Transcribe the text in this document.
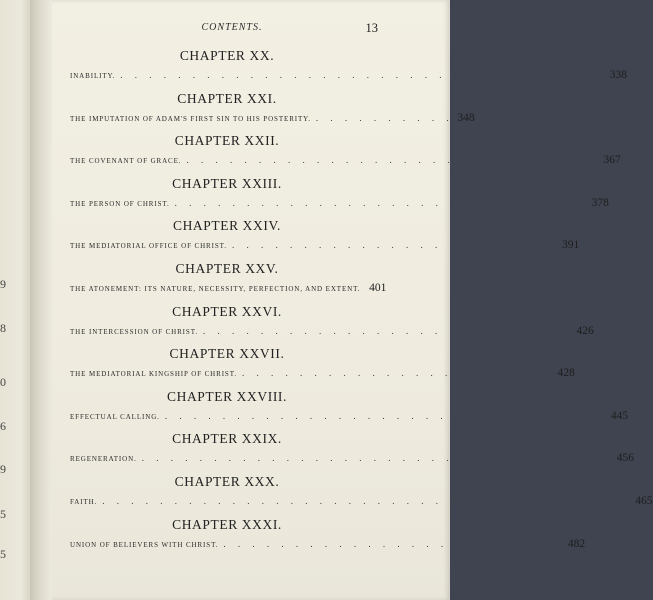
9
8
0
6
9
5
5
CONTENTS.	13
CHAPTER XX.
INABILITY. . . . . . . . . . . . . . . . . . . . . . . . . . . . . . . . . . . 338
CHAPTER XXI.
THE IMPUTATION OF ADAM'S FIRST SIN TO HIS POSTERITY. . . . . . . . . . . 348
CHAPTER XXII.
THE COVENANT OF GRACE. . . . . . . . . . . . . . . . . . . . . . . . . . . . . . 367
CHAPTER XXIII.
THE PERSON OF CHRIST. . . . . . . . . . . . . . . . . . . . . . . . . . . . . . 378
CHAPTER XXIV.
THE MEDIATORIAL OFFICE OF CHRIST. . . . . . . . . . . . . . . . . . . . . . . . 391
CHAPTER XXV.
THE ATONEMENT: ITS NATURE, NECESSITY, PERFECTION, AND EXTENT. 401
CHAPTER XXVI.
THE INTERCESSION OF CHRIST. . . . . . . . . . . . . . . . . . . . . . . . . . . 426
CHAPTER XXVII.
THE MEDIATORIAL KINGSHIP OF CHRIST. . . . . . . . . . . . . . . . . . . . . . . 428
CHAPTER XXVIII.
EFFECTUAL CALLING. . . . . . . . . . . . . . . . . . . . . . . . . . . . . . . . 445
CHAPTER XXIX.
REGENERATION. . . . . . . . . . . . . . . . . . . . . . . . . . . . . . . . . . 456
CHAPTER XXX.
FAITH. . . . . . . . . . . . . . . . . . . . . . . . . . . . . . . . . . . . . . 465
CHAPTER XXXI.
UNION OF BELIEVERS WITH CHRIST. . . . . . . . . . . . . . . . . . . . . . . . . 482
